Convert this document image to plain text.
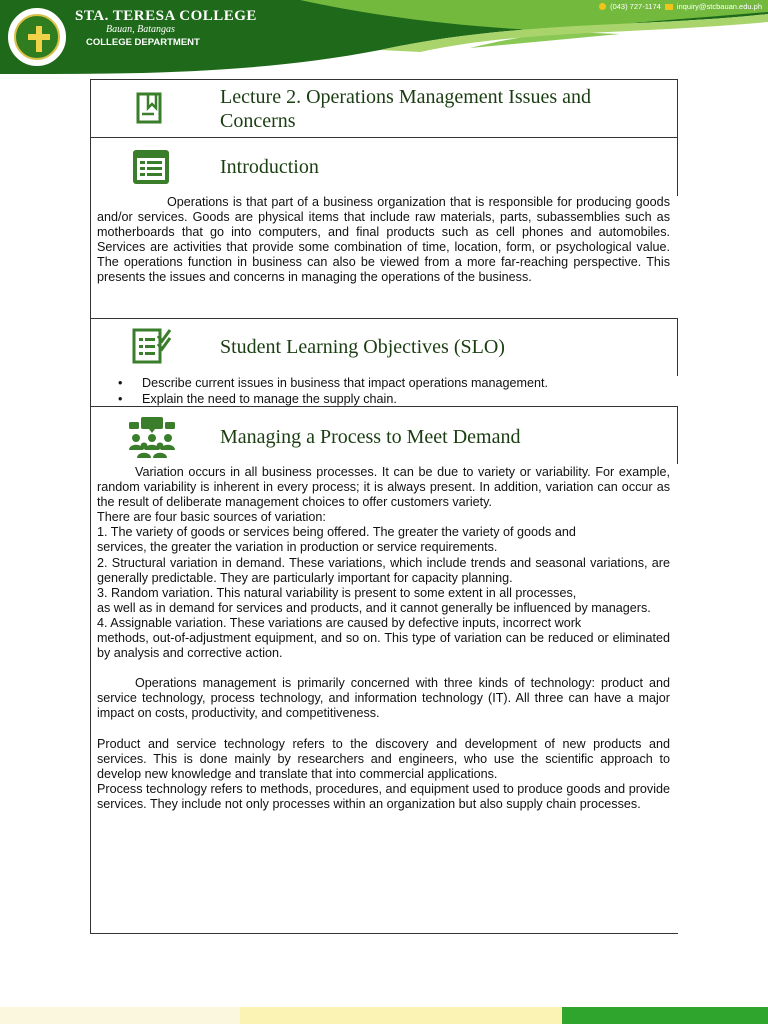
STA. TERESA COLLEGE
Bauan, Batangas
COLLEGE DEPARTMENT
(043) 727-1174 inquiry@stcbauan.edu.ph
Lecture 2. Operations Management Issues and
Concerns
Introduction

Operations is that part of a business organization that is responsible for producing goods and/or services. Goods are physical items that include raw materials, parts, subassemblies such as motherboards that go into computers, and final products such as cell phones and automobiles. Services are activities that provide some combination of time, location, form, or psychological value. The operations function in business can also be viewed from a more far-reaching perspective. This presents the issues and concerns in managing the operations of the business.

Student Learning Objectives (SLO)
• Describe current issues in business that impact operations management.
• Explain the need to manage the supply chain.
Managing a Process to Meet Demand

Variation occurs in all business processes. It can be due to variety or variability. For example, random variability is inherent in every process; it is always present. In addition, variation can occur as the result of deliberate management choices to offer customers variety.

There are four basic sources of variation:

1. The variety of goods or services being offered. The greater the variety of goods and

services, the greater the variation in production or service requirements.

2. Structural variation in demand. These variations, which include trends and seasonal variations, are generally predictable. They are particularly important for capacity planning.

3. Random variation. This natural variability is present to some extent in all processes,

as well as in demand for services and products, and it cannot generally be influenced by managers.

4. Assignable variation. These variations are caused by defective inputs, incorrect work

methods, out-of-adjustment equipment, and so on. This type of variation can be reduced or eliminated by analysis and corrective action.

Operations management is primarily concerned with three kinds of technology: product and service technology, process technology, and information technology (IT). All three can have a major impact on costs, productivity, and competitiveness.

Product and service technology refers to the discovery and development of new products and services. This is done mainly by researchers and engineers, who use the scientific approach to develop new knowledge and translate that into commercial applications.

Process technology refers to methods, procedures, and equipment used to produce goods and provide services. They include not only processes within an organization but also supply chain processes.
